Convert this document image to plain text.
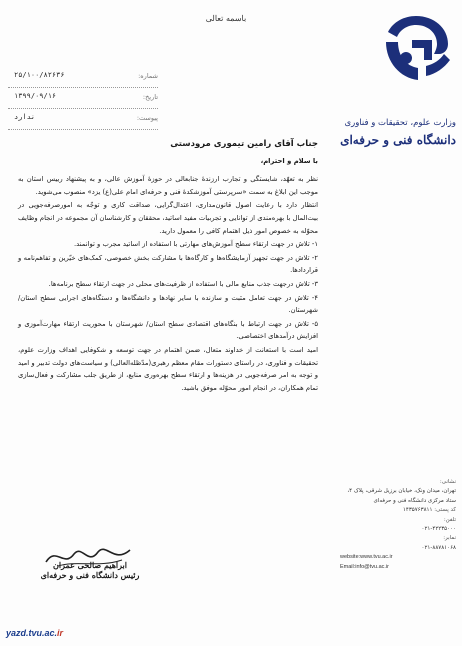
باسمه تعالی
وزارت علوم، تحقیقات و فناوری
دانشگاه فنی و حرفه‌ای
شماره:
۲۵/۱۰۰/۸۲۶۳۶
تاریخ:
۱۳۹۹/۰۹/۱۶
پیوست:
ندارد

جناب آقای رامین تیموری مرودستی

با سلام و احترام،

نظر به تعهّد، شایستگی و تجارب ارزندۀ جنابعالی در حوزۀ آموزش عالی، و به پیشنهاد رییس استان به موجب این ابلاغ به سمت «سرپرستی آموزشکدۀ فنی و حرفه‌ای امام علی(ع) یزد» منصوب می‌شوید.

انتظار دارد با رعایت اصول قانون‌مداری، اعتدال‌گرایی، صداقت کاری و توجّه به امورصرفه‌جویی در بیت‌المال با بهره‌مندی از توانایی و تجربیات مفید اساتید، محققان و کارشناسان آن مجموعه در انجام وظایف محوّله به خصوص امور ذیل اهتمام کافی را معمول دارید.

۱- تلاش در جهت ارتقاء سطح آموزش‌های مهارتی با استفاده از اساتید مجرب و توانمند.

۲- تلاش در جهت تجهیز آزمایشگاه‌ها و کارگاه‌ها با مشارکت بخش خصوصی، کمک‌های خیّرین و تفاهم‌نامه و قراردادها.

۳- تلاش درجهت جذب منابع مالی با استفاده از ظرفیت‌های محلی در جهت ارتقاء سطح برنامه‌ها.

۴- تلاش در جهت تعامل مثبت و سازنده با سایر نهادها و دانشگاه‌ها و دستگاه‌های اجرایی سطح استان/شهرستان.

۵- تلاش در جهت ارتباط با بنگاه‌های اقتصادی سطح استان/ شهرستان با محوریت ارتقاء مهارت‌آموزی و افزایش درآمدهای اختصاصی.

امید است با استعانت از خداوند متعال، ضمن اهتمام در جهت توسعه و شکوفایی اهداف وزارت علوم، تحقیقات و فناوری، در راستای دستورات مقام معظم رهبری(مدّظله‌العالی) و سیاست‌های دولت تدبیر و امید و توجه به امر صرفه‌جویی در هزینه‌ها و ارتقاء سطح بهره‌وری منابع، از طریق جلب مشارکت و فعال‌سازی تمام همکاران، در انجام امور محوّله موفق باشید.

ابراهیم صالحی عمران
رئیس دانشگاه فنی و حرفه‌ای
نشانی:
تهران، میدان ونک، خیابان برزیل شرقی، پلاک ۴، ستاد مرکزی دانشگاه فنی و حرفه‌ای
کد پستی: ۱۴۳۵۷۶۳۸۱۱
تلفن:
۰۲۱-۴۲۲۳۵۰۰۰
نمابر:
۰۲۱-۸۸۷۸۱۰۶۸
website:www.tvu.ac.ir
Email:info@tvu.ac.ir
yazd.tvu.ac.ir
